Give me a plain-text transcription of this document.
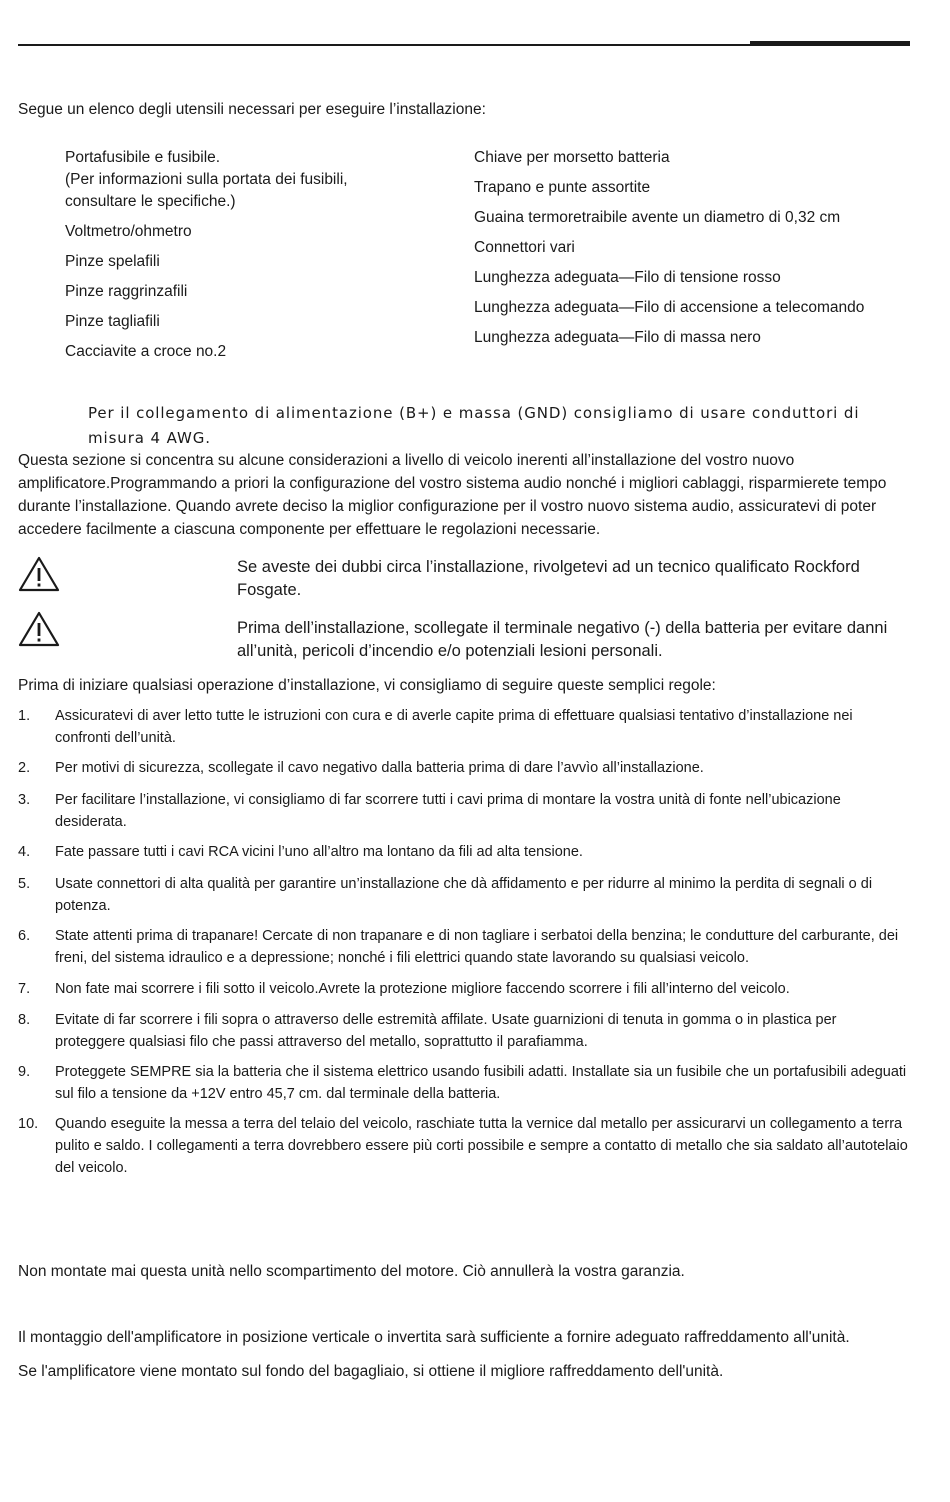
Segue un elenco degli utensili necessari per eseguire l’installazione:

Portafusibile e fusibile.
(Per informazioni sulla portata dei fusibili,
consultare le specifiche.)
Voltmetro/ohmetro
Pinze spelafili
Pinze raggrinzafili
Pinze tagliafili
Cacciavite a croce no.2
Chiave per morsetto batteria
Trapano e punte assortite
Guaina termoretraibile avente un diametro di 0,32 cm
Connettori vari
Lunghezza adeguata—Filo di tensione rosso
Lunghezza adeguata—Filo di accensione a telecomando
Lunghezza adeguata—Filo di massa nero

Per il collegamento di alimentazione (B+) e massa (GND) consigliamo di usare conduttori di misura 4 AWG.

Questa sezione si concentra su alcune considerazioni a livello di veicolo inerenti all’installazione del vostro nuovo amplificatore.Programmando a priori la configurazione del vostro sistema audio nonché i migliori cablaggi, risparmierete tempo durante l’installazione. Quando avrete deciso la miglior configurazione per il vostro nuovo sistema audio, assicuratevi di poter accedere facilmente a ciascuna componente per effettuare le regolazioni necessarie.

Se aveste dei dubbi circa l’installazione, rivolgetevi ad un tecnico qualificato Rockford Fosgate.

Prima dell’installazione, scollegate il terminale negativo (-) della batteria per evitare danni all’unità, pericoli d’incendio e/o potenziali lesioni personali.

Prima di iniziare qualsiasi operazione d’installazione, vi consigliamo di seguire queste semplici regole:

1.	Assicuratevi di aver letto tutte le istruzioni con cura e di averle capite prima di effettuare qualsiasi tentativo d’installazione nei confronti dell’unità.
2.	Per motivi di sicurezza, scollegate il cavo negativo dalla batteria prima di dare l’avvìo all’installazione.
3.	Per facilitare l’installazione, vi consigliamo di far scorrere tutti i cavi prima di montare la vostra unità di fonte nell’ubicazione desiderata.
4.	Fate passare tutti i cavi RCA vicini l’uno all’altro ma lontano da fili ad alta tensione.
5.	Usate connettori di alta qualità per garantire un’installazione che dà affidamento e per ridurre al minimo la perdita di segnali o di potenza.
6.	State attenti prima di trapanare! Cercate di non trapanare e di non tagliare i serbatoi della benzina; le condutture del carburante, dei freni, del sistema idraulico e a depressione; nonché i fili elettrici quando state lavorando su qualsiasi veicolo.
7.	Non fate mai scorrere i fili sotto il veicolo.Avrete la protezione migliore faccendo scorrere i fili all’interno del veicolo.
8.	Evitate di far scorrere i fili sopra o attraverso delle estremità affilate. Usate guarnizioni di tenuta in gomma o in plastica per proteggere qualsiasi filo che passi attraverso del metallo, soprattutto il parafiamma.
9.	Proteggete SEMPRE sia la batteria che il sistema elettrico usando fusibili adatti. Installate sia un fusibile che un portafusibili adeguati sul filo a tensione da +12V entro 45,7 cm. dal terminale della batteria.
10.	Quando eseguite la messa a terra del telaio del veicolo, raschiate tutta la vernice dal metallo per assicurarvi un collegamento a terra pulito e saldo. I collegamenti a terra dovrebbero essere più corti possibile e sempre a contatto di metallo che sia saldato all’autotelaio del veicolo.

Non montate mai questa unità nello scompartimento del motore. Ciò annullerà la vostra garanzia.

Il montaggio dell'amplificatore in posizione verticale o invertita sarà sufficiente a fornire adeguato raffreddamento all'unità.

Se l'amplificatore viene montato sul fondo del bagagliaio, si ottiene il migliore raffreddamento dell'unità.
